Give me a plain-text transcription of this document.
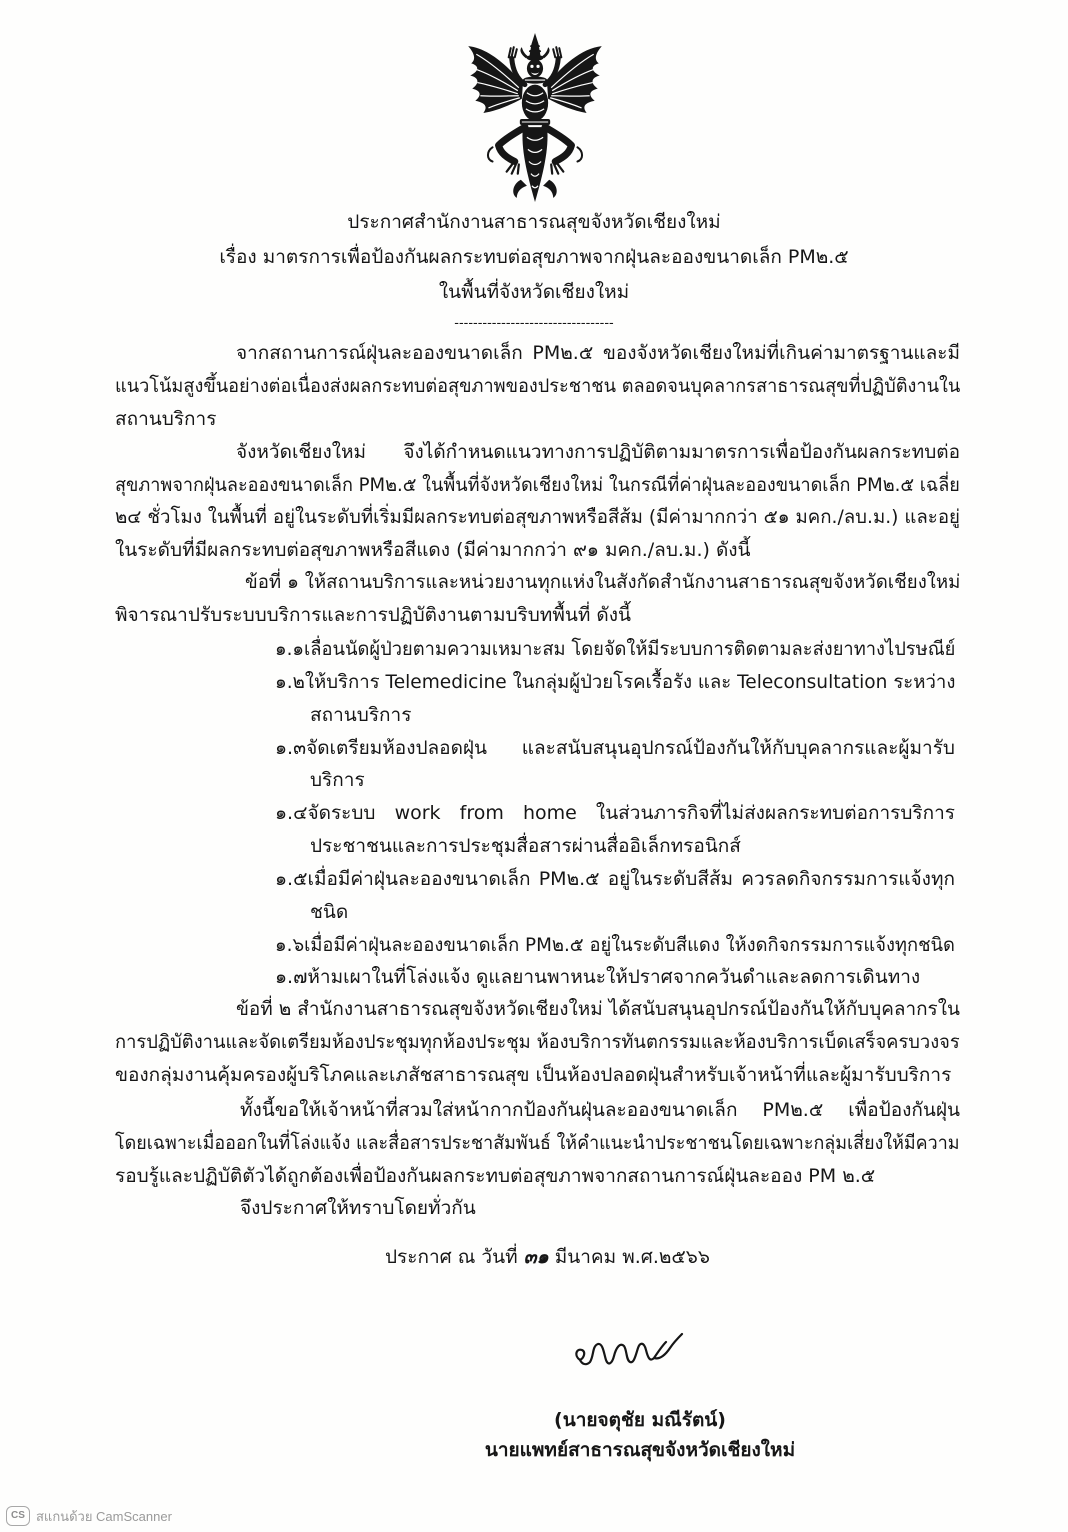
ประกาศสำนักงานสาธารณสุขจังหวัดเชียงใหม่
เรื่อง มาตรการเพื่อป้องกันผลกระทบต่อสุขภาพจากฝุ่นละอองขนาดเล็ก PM๒.๕
ในพื้นที่จังหวัดเชียงใหม่
----------------------------------
จากสถานการณ์ฝุ่นละอองขนาดเล็ก PM๒.๕ ของจังหวัดเชียงใหม่ที่เกินค่ามาตรฐานและมี
แนวโน้มสูงขึ้นอย่างต่อเนื่องส่งผลกระทบต่อสุขภาพของประชาชน ตลอดจนบุคลากรสาธารณสุขที่ปฏิบัติงานใน
สถานบริการ
จังหวัดเชียงใหม่ จึงได้กำหนดแนวทางการปฏิบัติตามมาตรการเพื่อป้องกันผลกระทบต่อ
สุขภาพจากฝุ่นละอองขนาดเล็ก PM๒.๕ ในพื้นที่จังหวัดเชียงใหม่ ในกรณีที่ค่าฝุ่นละอองขนาดเล็ก PM๒.๕ เฉลี่ย
๒๔ ชั่วโมง ในพื้นที่ อยู่ในระดับที่เริ่มมีผลกระทบต่อสุขภาพหรือสีส้ม (มีค่ามากกว่า ๕๑ มคก./ลบ.ม.) และอยู่
ในระดับที่มีผลกระทบต่อสุขภาพหรือสีแดง (มีค่ามากกว่า ๙๑ มคก./ลบ.ม.) ดังนี้
ข้อที่ ๑ ให้สถานบริการและหน่วยงานทุกแห่งในสังกัดสำนักงานสาธารณสุขจังหวัดเชียงใหม่
พิจารณาปรับระบบบริการและการปฏิบัติงานตามบริบทพื้นที่ ดังนี้
๑.๑เลื่อนนัดผู้ป่วยตามความเหมาะสม โดยจัดให้มีระบบการติดตามละส่งยาทางไปรษณีย์
๑.๒ให้บริการ Telemedicine ในกลุ่มผู้ป่วยโรคเรื้อรัง และ Teleconsultation ระหว่าง
สถานบริการ
๑.๓จัดเตรียมห้องปลอดฝุ่น และสนับสนุนอุปกรณ์ป้องกันให้กับบุคลากรและผู้มารับ
บริการ
๑.๔จัดระบบ work from home ในส่วนภารกิจที่ไม่ส่งผลกระทบต่อการบริการ
ประชาชนและการประชุมสื่อสารผ่านสื่ออิเล็กทรอนิกส์
๑.๕เมื่อมีค่าฝุ่นละอองขนาดเล็ก PM๒.๕ อยู่ในระดับสีส้ม ควรลดกิจกรรมการแจ้งทุก
ชนิด
๑.๖เมื่อมีค่าฝุ่นละอองขนาดเล็ก PM๒.๕ อยู่ในระดับสีแดง ให้งดกิจกรรมการแจ้งทุกชนิด
๑.๗ห้ามเผาในที่โล่งแจ้ง ดูแลยานพาหนะให้ปราศจากควันดำและลดการเดินทาง
ข้อที่ ๒ สำนักงานสาธารณสุขจังหวัดเชียงใหม่ ได้สนับสนุนอุปกรณ์ป้องกันให้กับบุคลากรใน
การปฏิบัติงานและจัดเตรียมห้องประชุมทุกห้องประชุม ห้องบริการทันตกรรมและห้องบริการเบ็ดเสร็จครบวงจร
ของกลุ่มงานคุ้มครองผู้บริโภคและเภสัชสาธารณสุข เป็นห้องปลอดฝุ่นสำหรับเจ้าหน้าที่และผู้มารับบริการ
ทั้งนี้ขอให้เจ้าหน้าที่สวมใส่หน้ากากป้องกันฝุ่นละอองขนาดเล็ก PM๒.๕ เพื่อป้องกันฝุ่น
โดยเฉพาะเมื่อออกในที่โล่งแจ้ง และสื่อสารประชาสัมพันธ์ ให้คำแนะนำประชาชนโดยเฉพาะกลุ่มเสี่ยงให้มีความ
รอบรู้และปฏิบัติตัวได้ถูกต้องเพื่อป้องกันผลกระทบต่อสุขภาพจากสถานการณ์ฝุ่นละออง PM ๒.๕
จึงประกาศให้ทราบโดยทั่วกัน
ประกาศ ณ วันที่ ๓๑ มีนาคม พ.ศ.๒๕๖๖
(นายจตุชัย มณีรัตน์)
นายแพทย์สาธารณสุขจังหวัดเชียงใหม่
CS สแกนด้วย CamScanner
